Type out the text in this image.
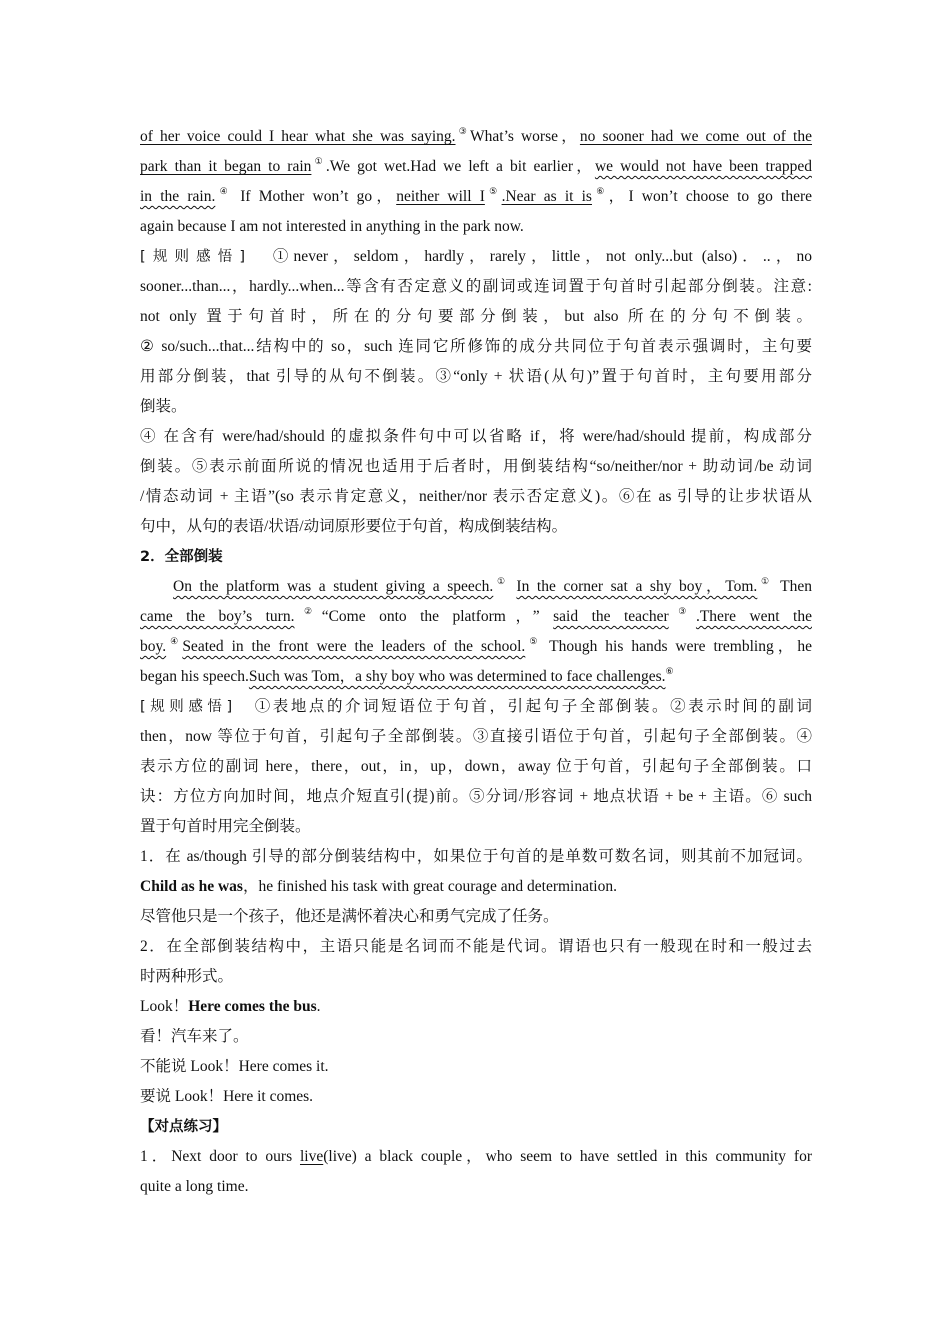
of her voice could I hear what she was saying.③What’s worse，no sooner had we come out of the
park than it began to rain①.We got wet.Had we left a bit earlier，we would not have been trapped
in the rain.④ If Mother won’t go，neither will I⑤.Near as it is⑥，I won’t choose to go there
again because I am not interested in anything in the park now.
[规则感悟]　①never，seldom，hardly，rarely，little，not only...but (also)．..，no
sooner...than...，hardly...when...等含有否定意义的副词或连词置于句首时引起部分倒装。注意:
not only 置于句首时，所在的分句要部分倒装，but also 所在的分句不倒装。
② so/such...that...结构中的 so，such 连同它所修饰的成分共同位于句首表示强调时，主句要
用部分倒装，that 引导的从句不倒装。③“only + 状语(从句)”置于句首时，主句要用部分
倒装。
④ 在含有 were/had/should 的虚拟条件句中可以省略 if，将 were/had/should 提前，构成部分
倒装。⑤表示前面所说的情况也适用于后者时，用倒装结构“so/neither/nor + 助动词/be 动词
/情态动词 + 主语”(so 表示肯定意义，neither/nor 表示否定意义)。⑥在 as 引导的让步状语从
句中，从句的表语/状语/动词原形要位于句首，构成倒装结构。
2．全部倒装
On the platform was a student giving a speech.① In the corner sat a shy boy，Tom.① Then
came the boy’s turn.②“Come onto the platform，” said the teacher③.There went the
boy.④Seated in the front were the leaders of the school.⑤ Though his hands were trembling，he
began his speech.Such was Tom，a shy boy who was determined to face challenges.⑥
[规则感悟]　①表地点的介词短语位于句首，引起句子全部倒装。②表示时间的副词
then，now 等位于句首，引起句子全部倒装。③直接引语位于句首，引起句子全部倒装。④
表示方位的副词 here，there，out，in，up，down，away 位于句首，引起句子全部倒装。口
诀：方位方向加时间，地点介短直引(提)前。⑤分词/形容词 + 地点状语 + be + 主语。⑥ such
置于句首时用完全倒装。
1．在 as/though 引导的部分倒装结构中，如果位于句首的是单数可数名词，则其前不加冠词。
Child as he was，he finished his task with great courage and determination.
尽管他只是一个孩子，他还是满怀着决心和勇气完成了任务。
2．在全部倒装结构中，主语只能是名词而不能是代词。谓语也只有一般现在时和一般过去
时两种形式。
Look！Here comes the bus.
看！汽车来了。
不能说 Look！Here comes it.
要说 Look！Here it comes.
【对点练习】
1．Next door to ours live(live) a black couple，who seem to have settled in this community for
quite a long time.
